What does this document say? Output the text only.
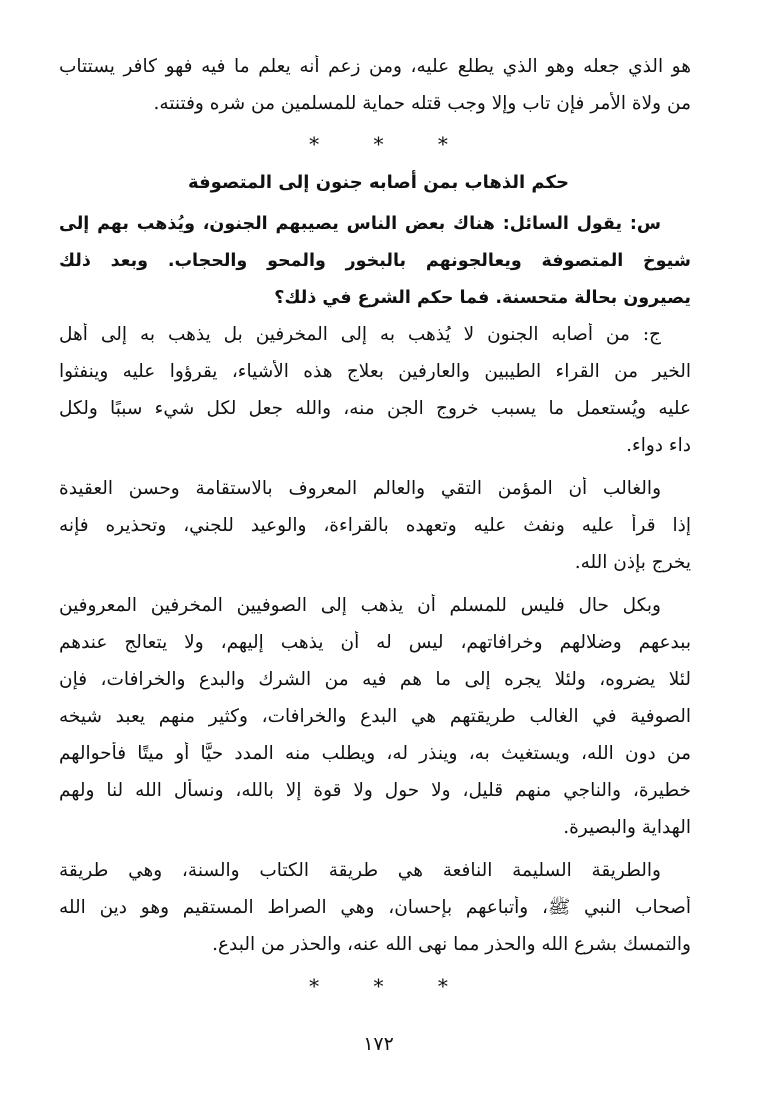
هو الذي جعله وهو الذي يطلع عليه، ومن زعم أنه يعلم ما فيه فهو كافر يستتاب
من ولاة الأمر فإن تاب وإلا وجب قتله حماية للمسلمين من شره وفتنته.
*	*	*
حكم الذهاب بمن أصابه جنون إلى المتصوفة
س: يقول السائل: هناك بعض الناس يصيبهم الجنون، ويُذهب بهم إلى
شيوخ المتصوفة ويعالجونهم بالبخور والمحو والحجاب. وبعد ذلك
يصيرون بحالة متحسنة. فما حكم الشرع في ذلك؟
ج: من أصابه الجنون لا يُذهب به إلى المخرفين بل يذهب به إلى أهل
الخير من القراء الطيبين والعارفين بعلاج هذه الأشياء، يقرؤوا عليه وينفثوا
عليه ويُستعمل ما يسبب خروج الجن منه، والله جعل لكل شيء سببًا ولكل
داء دواء.
والغالب أن المؤمن التقي والعالم المعروف بالاستقامة وحسن العقيدة
إذا قرأ عليه ونفث عليه وتعهده بالقراءة، والوعيد للجني، وتحذيره فإنه
يخرج بإذن الله.
وبكل حال فليس للمسلم أن يذهب إلى الصوفيين المخرفين المعروفين
ببدعهم وضلالهم وخرافاتهم، ليس له أن يذهب إليهم، ولا يتعالج عندهم
لئلا يضروه، ولئلا يجره إلى ما هم فيه من الشرك والبدع والخرافات، فإن
الصوفية في الغالب طريقتهم هي البدع والخرافات، وكثير منهم يعبد شيخه
من دون الله، ويستغيث به، وينذر له، ويطلب منه المدد حيًّا أو ميتًا فأحوالهم
خطيرة، والناجي منهم قليل، ولا حول ولا قوة إلا بالله، ونسأل الله لنا ولهم
الهداية والبصيرة.
والطريقة السليمة النافعة هي طريقة الكتاب والسنة، وهي طريقة
أصحاب النبي ﷺ، وأتباعهم بإحسان، وهي الصراط المستقيم وهو دين الله
والتمسك بشرع الله والحذر مما نهى الله عنه، والحذر من البدع.
*	*	*
١٧٢
